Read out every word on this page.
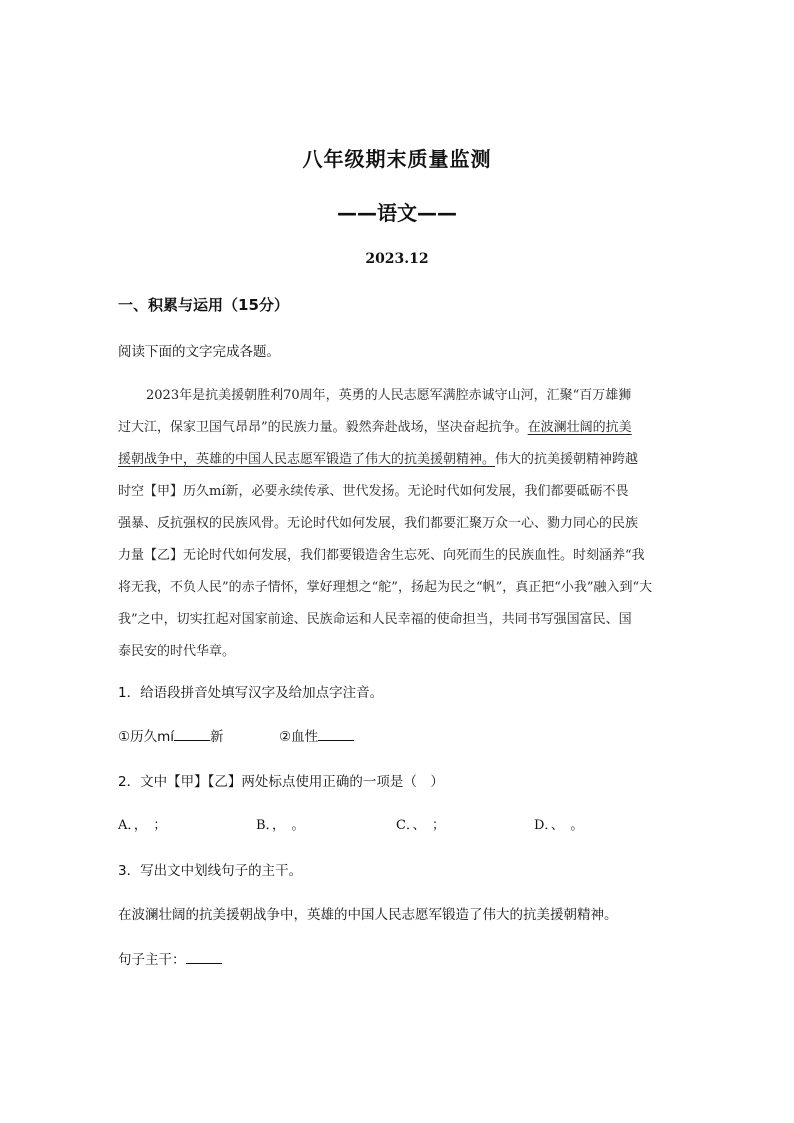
八年级期末质量监测
——语文——
2023.12
一、积累与运用（15分）
阅读下面的文字完成各题。
2023年是抗美援朝胜利70周年，英勇的人民志愿军满腔赤诚守山河，汇聚“百万雄狮
过大江，保家卫国气昂昂”的民族力量。毅然奔赴战场，坚决奋起抗争。在波澜壮阔的抗美
援朝战争中，英雄的中国人民志愿军锻造了伟大的抗美援朝精神。伟大的抗美援朝精神跨越
时空【甲】历久mí新，必要永续传承、世代发扬。无论时代如何发展，我们都要砥砺不畏
强暴、反抗强权的民族风骨。无论时代如何发展，我们都要汇聚万众一心、勠力同心的民族
力量【乙】无论时代如何发展，我们都要锻造舍生忘死、向死而生的民族血性。时刻涵养“我
将无我，不负人民”的赤子情怀，掌好理想之“舵”，扬起为民之“帆”，真正把“小我”融入到“大
我”之中，切实扛起对国家前途、民族命运和人民幸福的使命担当，共同书写强国富民、国
泰民安的时代华章。
1．给语段拼音处填写汉字及给加点字注音。
①历久mí	新	②血性
2．文中【甲】【乙】两处标点使用正确的一项是（　）
A．，　；	B．，　。	C．、　；	D．、　。
3．写出文中划线句子的主干。
在波澜壮阔的抗美援朝战争中，英雄的中国人民志愿军锻造了伟大的抗美援朝精神。
句子主干：
